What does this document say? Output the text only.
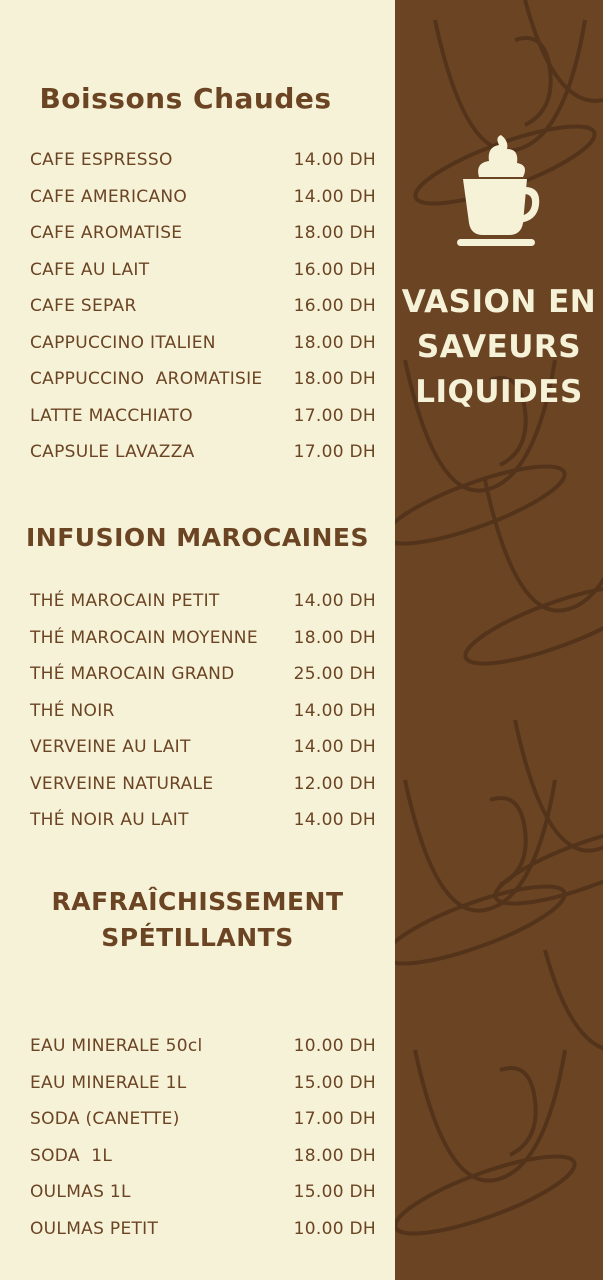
Boissons Chaudes
CAFE ESPRESSO	14.00 DH
CAFE AMERICANO	14.00 DH
CAFE AROMATISE	18.00 DH
CAFE AU LAIT	16.00 DH
CAFE SEPAR	16.00 DH
CAPPUCCINO ITALIEN	18.00 DH
CAPPUCCINO  AROMATISIE 18.00 DH
LATTE MACCHIATO	17.00 DH
CAPSULE LAVAZZA	17.00 DH
INFUSION MAROCAINES
THÉ MAROCAIN PETIT	14.00 DH
THÉ MAROCAIN MOYENNE 18.00 DH
THÉ MAROCAIN GRAND	25.00 DH
THÉ NOIR	14.00 DH
VERVEINE AU LAIT	14.00 DH
VERVEINE NATURALE	12.00 DH
THÉ NOIR AU LAIT	14.00 DH
RAFRAÎCHISSEMENT
SPÉTILLANTS
EAU MINERALE 50cl	10.00 DH
EAU MINERALE 1L	15.00 DH
SODA (CANETTE)	17.00 DH
SODA  1L	18.00 DH
OULMAS 1L	15.00 DH
OULMAS PETIT	10.00 DH
VASION EN
SAVEURS
LIQUIDES
